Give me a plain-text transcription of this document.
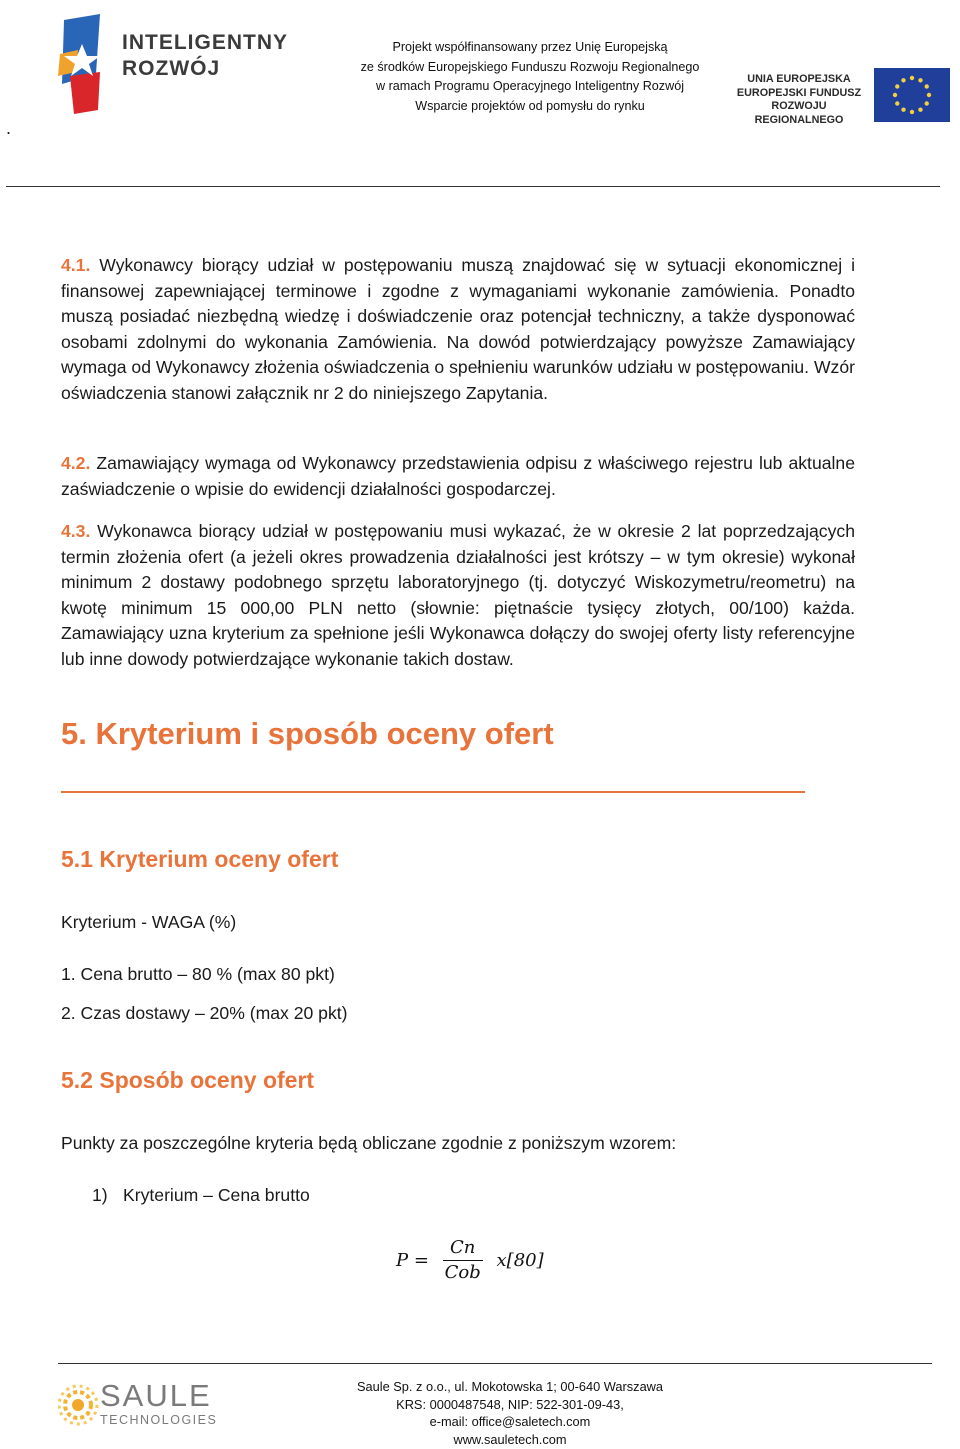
.
INTELIGENTNY
ROZWÓJ
Projekt współfinansowany przez Unię Europejską
ze środków Europejskiego Funduszu Rozwoju Regionalnego
w ramach Programu Operacyjnego Inteligentny Rozwój
Wsparcie projektów od pomysłu do rynku
UNIA EUROPEJSKA
EUROPEJSKI FUNDUSZ
ROZWOJU REGIONALNEGO

4.1. Wykonawcy biorący udział w postępowaniu muszą znajdować się w sytuacji ekonomicznej i finansowej zapewniającej terminowe i zgodne z wymaganiami wykonanie zamówienia. Ponadto muszą posiadać niezbędną wiedzę i doświadczenie oraz potencjał techniczny, a także dysponować osobami zdolnymi do wykonania Zamówienia. Na dowód potwierdzający powyższe Zamawiający wymaga od Wykonawcy złożenia oświadczenia o spełnieniu warunków udziału w postępowaniu. Wzór oświadczenia stanowi załącznik nr 2 do niniejszego Zapytania.

4.2. Zamawiający wymaga od Wykonawcy przedstawienia odpisu z właściwego rejestru lub aktualne zaświadczenie o wpisie do ewidencji działalności gospodarczej.

4.3. Wykonawca biorący udział w postępowaniu musi wykazać, że w okresie 2 lat poprzedzających termin złożenia ofert (a jeżeli okres prowadzenia działalności jest krótszy – w tym okresie) wykonał minimum 2 dostawy podobnego sprzętu laboratoryjnego (tj. dotyczyć Wiskozymetru/reometru) na kwotę minimum 15 000,00 PLN netto (słownie: piętnaście tysięcy złotych, 00/100) każda. Zamawiający uzna kryterium za spełnione jeśli Wykonawca dołączy do swojej oferty listy referencyjne lub inne dowody potwierdzające wykonanie takich dostaw.

5. Kryterium i sposób oceny ofert
5.1 Kryterium oceny ofert
Kryterium - WAGA (%)
1. Cena brutto – 80 % (max 80 pkt)
2. Czas dostawy – 20% (max 20 pkt)
5.2 Sposób oceny ofert
Punkty za poszczególne kryteria będą obliczane zgodnie z poniższym wzorem:
1) Kryterium – Cena brutto
$P = \frac{Cn}{\text{Cob}} x[80]$
SAULE
TECHNOLOGIES
Saule Sp. z o.o., ul. Mokotowska 1; 00-640 Warszawa
KRS: 0000487548, NIP: 522-301-09-43,
e-mail: office@saletech.com
www.sauletech.com
